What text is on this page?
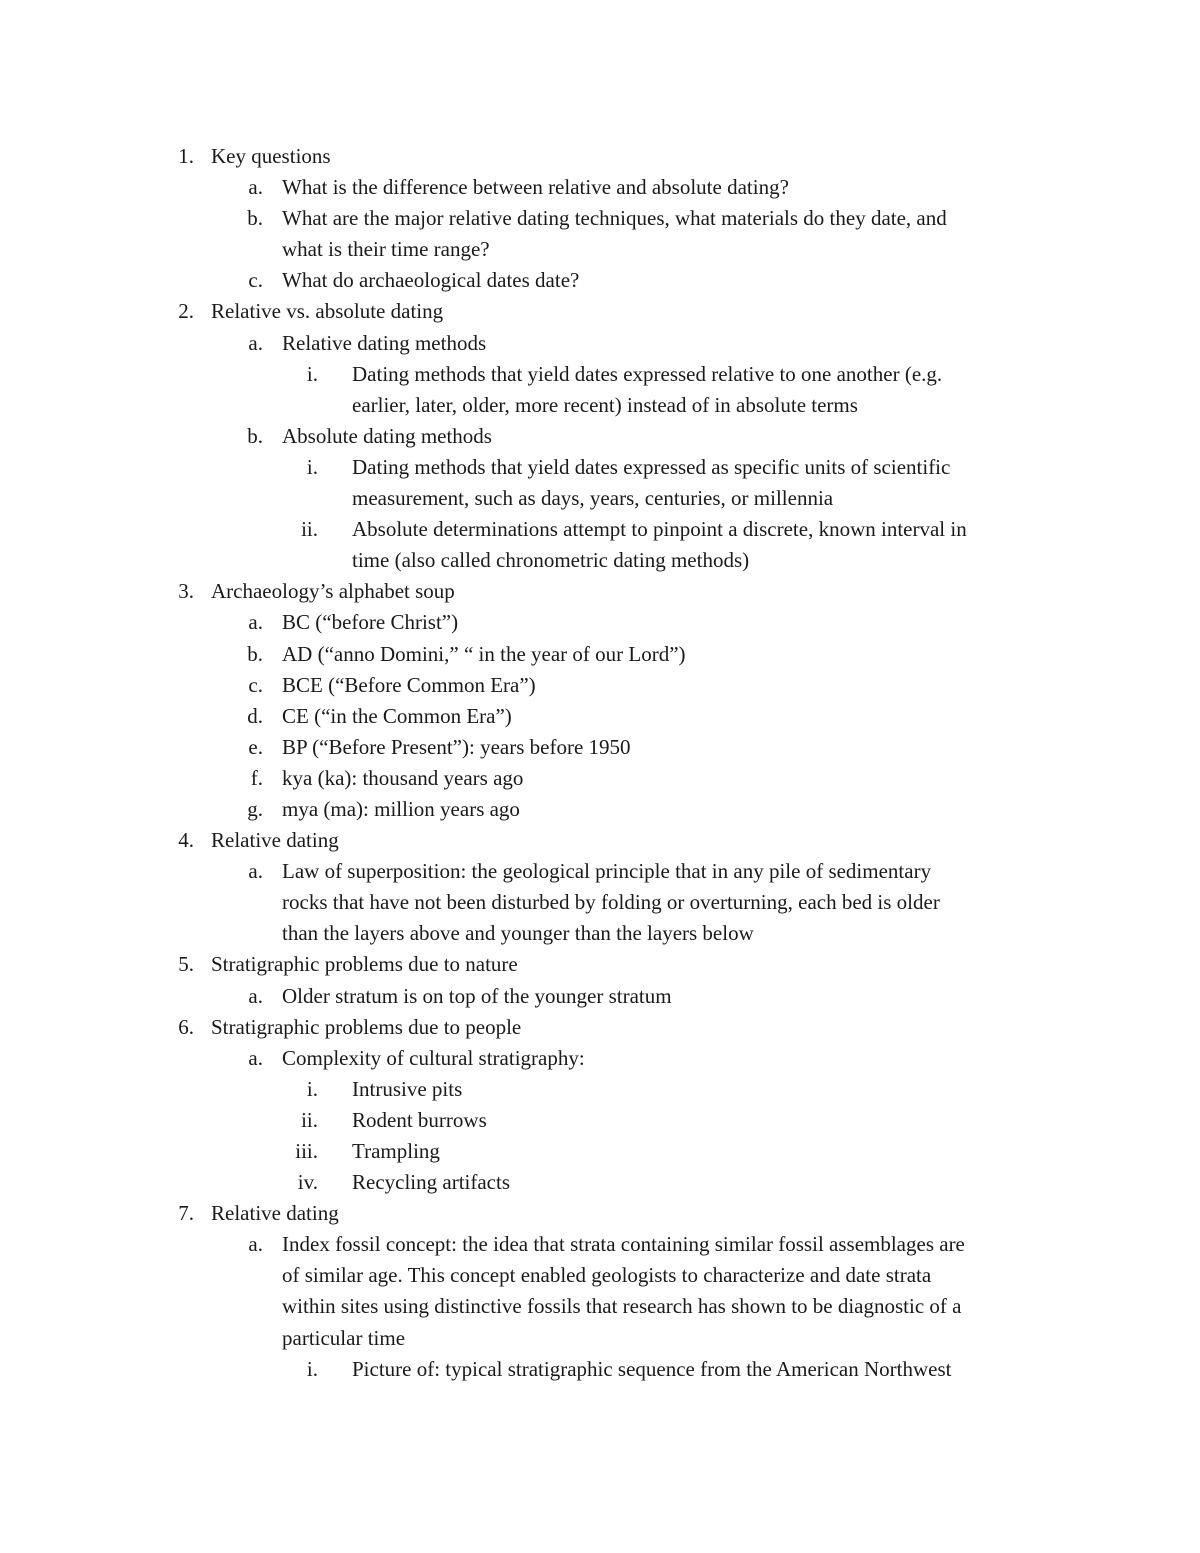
1. Key questions
a. What is the difference between relative and absolute dating?
b. What are the major relative dating techniques, what materials do they date, and
what is their time range?
c. What do archaeological dates date?
2. Relative vs. absolute dating
a. Relative dating methods
i. Dating methods that yield dates expressed relative to one another (e.g.
earlier, later, older, more recent) instead of in absolute terms
b. Absolute dating methods
i. Dating methods that yield dates expressed as specific units of scientific
measurement, such as days, years, centuries, or millennia
ii. Absolute determinations attempt to pinpoint a discrete, known interval in
time (also called chronometric dating methods)
3. Archaeology’s alphabet soup
a. BC (“before Christ”)
b. AD (“anno Domini,” “ in the year of our Lord”)
c. BCE (“Before Common Era”)
d. CE (“in the Common Era”)
e. BP (“Before Present”): years before 1950
f. kya (ka): thousand years ago
g. mya (ma): million years ago
4. Relative dating
a. Law of superposition: the geological principle that in any pile of sedimentary
rocks that have not been disturbed by folding or overturning, each bed is older
than the layers above and younger than the layers below
5. Stratigraphic problems due to nature
a. Older stratum is on top of the younger stratum
6. Stratigraphic problems due to people
a. Complexity of cultural stratigraphy:
i. Intrusive pits
ii. Rodent burrows
iii. Trampling
iv. Recycling artifacts
7. Relative dating
a. Index fossil concept: the idea that strata containing similar fossil assemblages are
of similar age. This concept enabled geologists to characterize and date strata
within sites using distinctive fossils that research has shown to be diagnostic of a
particular time
i. Picture of: typical stratigraphic sequence from the American Northwest
